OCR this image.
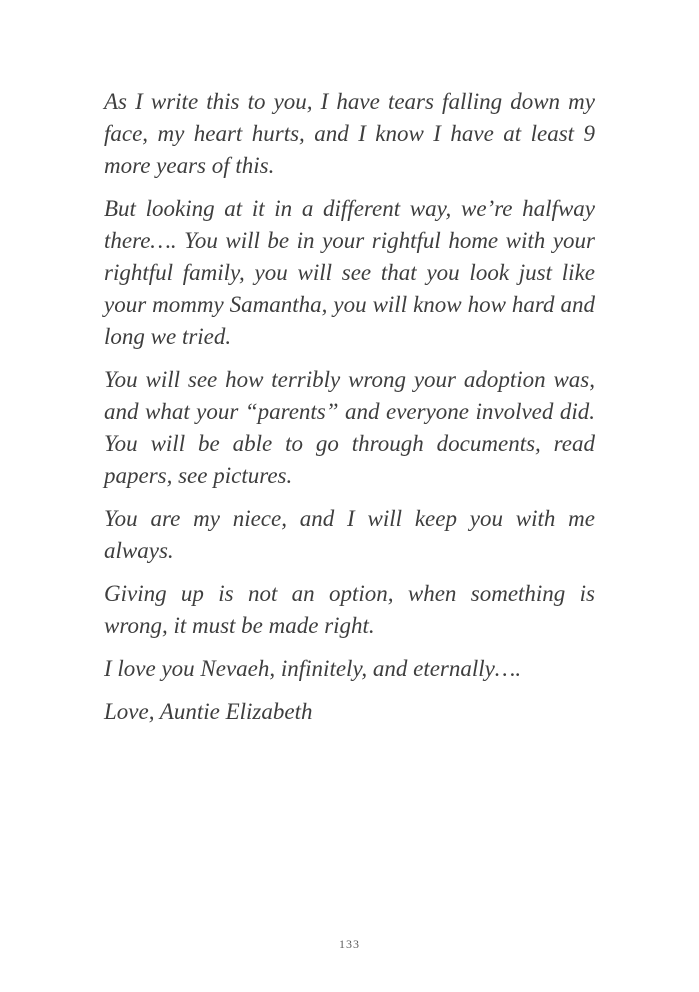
As I write this to you, I have tears falling down my face, my heart hurts, and I know I have at least 9 more years of this.

But looking at it in a different way, we’re halfway there…. You will be in your rightful home with your rightful family, you will see that you look just like your mommy Samantha, you will know how hard and long we tried.

You will see how terribly wrong your adoption was, and what your “parents” and everyone involved did. You will be able to go through documents, read papers, see pictures.

You are my niece, and I will keep you with me always.

Giving up is not an option, when something is wrong, it must be made right.

I love you Nevaeh, infinitely, and eternally….

Love, Auntie Elizabeth

133
